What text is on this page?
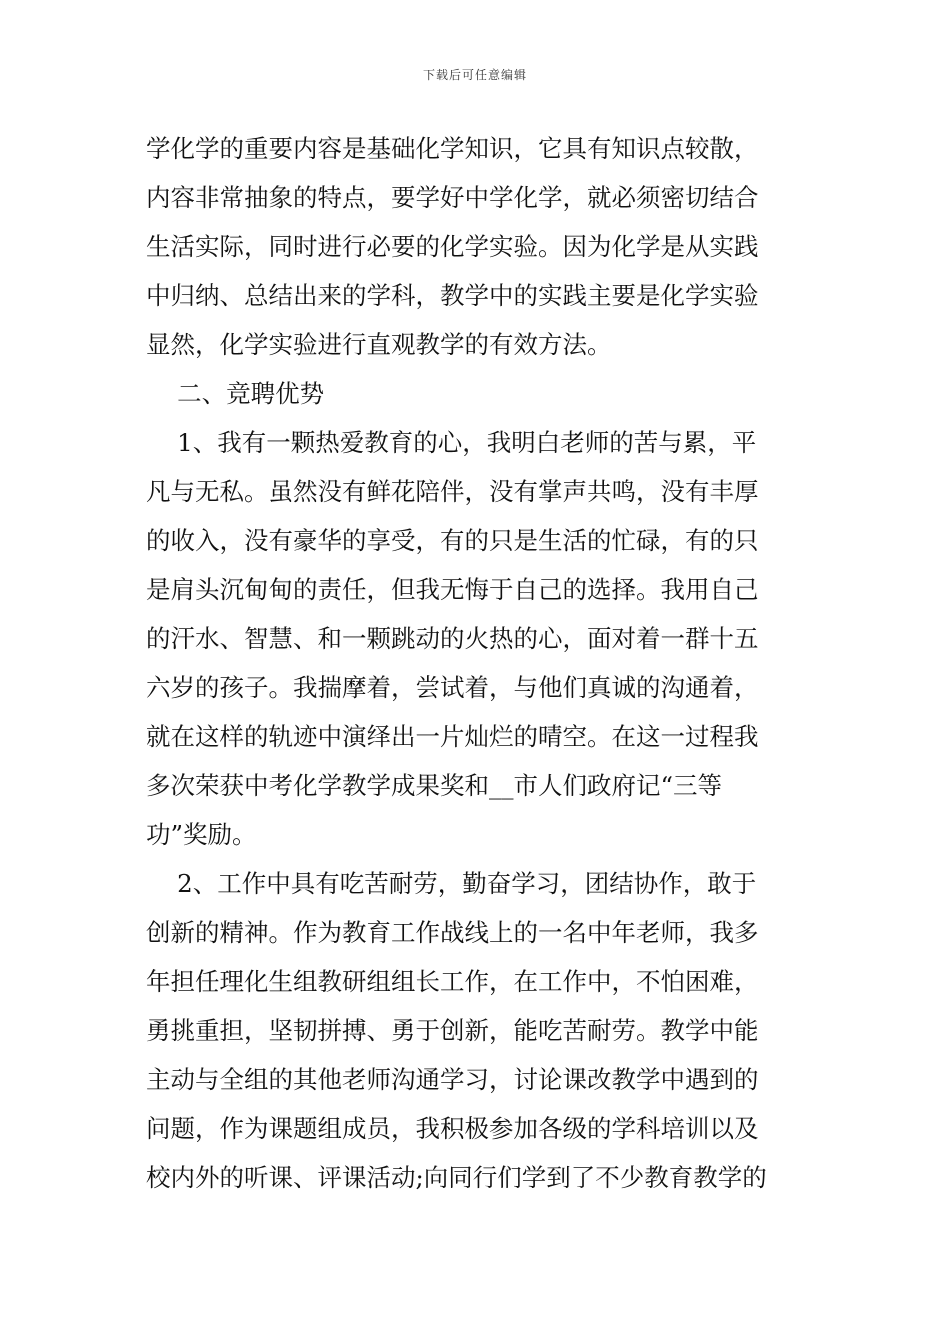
下载后可任意编辑
学化学的重要内容是基础化学知识，它具有知识点较散，
内容非常抽象的特点，要学好中学化学，就必须密切结合
生活实际，同时进行必要的化学实验。因为化学是从实践
中归纳、总结出来的学科，教学中的实践主要是化学实验
显然，化学实验进行直观教学的有效方法。
二、竞聘优势
1、我有一颗热爱教育的心，我明白老师的苦与累，平
凡与无私。虽然没有鲜花陪伴，没有掌声共鸣，没有丰厚
的收入，没有豪华的享受，有的只是生活的忙碌，有的只
是肩头沉甸甸的责任，但我无悔于自己的选择。我用自己
的汗水、智慧、和一颗跳动的火热的心，面对着一群十五
六岁的孩子。我揣摩着，尝试着，与他们真诚的沟通着，
就在这样的轨迹中演绎出一片灿烂的晴空。在这一过程我
多次荣获中考化学教学成果奖和__市人们政府记“三等
功”奖励。
2、工作中具有吃苦耐劳，勤奋学习，团结协作，敢于
创新的精神。作为教育工作战线上的一名中年老师，我多
年担任理化生组教研组组长工作，在工作中，不怕困难，
勇挑重担，坚韧拼搏、勇于创新，能吃苦耐劳。教学中能
主动与全组的其他老师沟通学习，讨论课改教学中遇到的
问题，作为课题组成员，我积极参加各级的学科培训以及
校内外的听课、评课活动;向同行们学到了不少教育教学的
